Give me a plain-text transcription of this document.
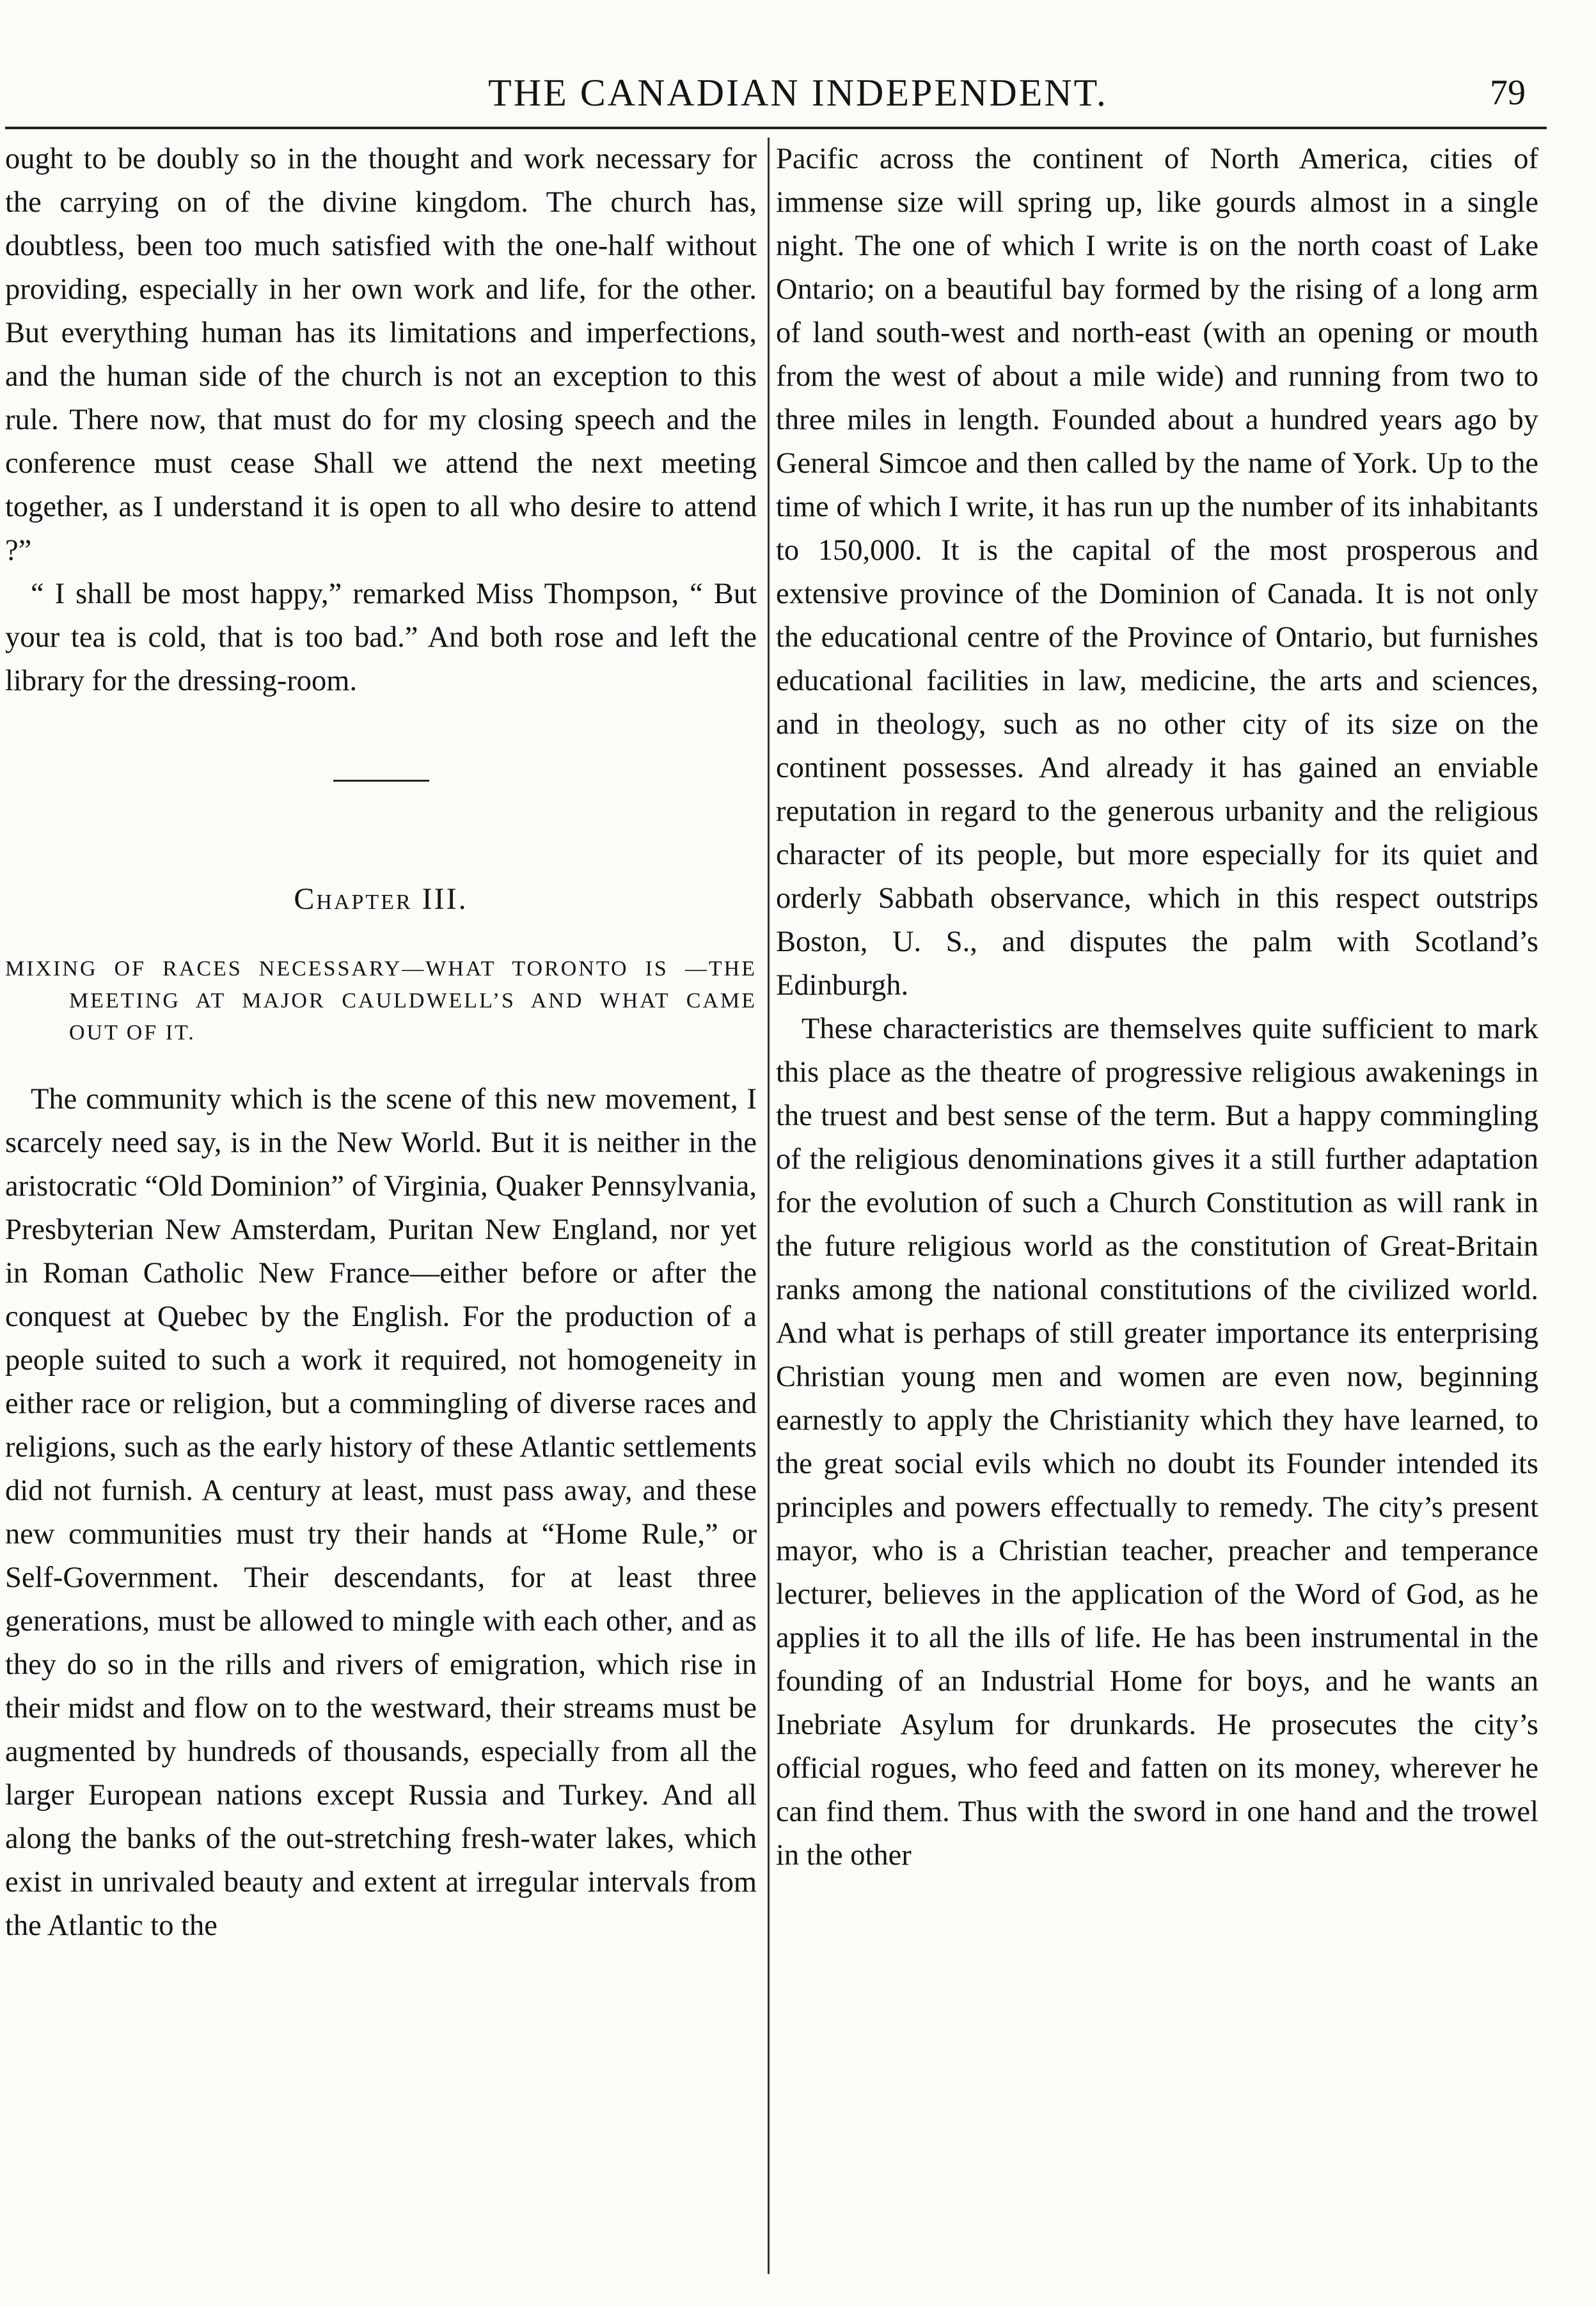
THE CANADIAN INDEPENDENT.	79

ought to be doubly so in the thought and work necessary for the carrying on of the divine kingdom. The church has, doubtless, been too much satisfied with the one-half without providing, especially in her own work and life, for the other. But everything human has its limitations and imperfections, and the human side of the church is not an exception to this rule. There now, that must do for my closing speech and the conference must cease Shall we attend the next meeting together, as I understand it is open to all who desire to attend ?”

“ I shall be most happy,” remarked Miss Thompson, “ But your tea is cold, that is too bad.” And both rose and left the library for the dressing-room.

Chapter III.
MIXING OF RACES NECESSARY—WHAT TORONTO IS —THE MEETING AT MAJOR CAULDWELL’S AND WHAT CAME OUT OF IT.

The community which is the scene of this new movement, I scarcely need say, is in the New World. But it is neither in the aristocratic “Old Dominion” of Virginia, Quaker Pennsylvania, Presbyterian New Amsterdam, Puritan New England, nor yet in Roman Catholic New France—either before or after the conquest at Quebec by the English. For the production of a people suited to such a work it required, not homogeneity in either race or religion, but a commingling of diverse races and religions, such as the early history of these Atlantic settlements did not furnish. A century at least, must pass away, and these new communities must try their hands at “Home Rule,” or Self-Government. Their descendants, for at least three generations, must be allowed to mingle with each other, and as they do so in the rills and rivers of emigration, which rise in their midst and flow on to the westward, their streams must be augmented by hundreds of thousands, especially from all the larger European nations except Russia and Turkey. And all along the banks of the out-stretching fresh-water lakes, which exist in unrivaled beauty and extent at irregular intervals from the Atlantic to the

Pacific across the continent of North America, cities of immense size will spring up, like gourds almost in a single night. The one of which I write is on the north coast of Lake Ontario; on a beautiful bay formed by the rising of a long arm of land south-west and north-east (with an opening or mouth from the west of about a mile wide) and running from two to three miles in length. Founded about a hundred years ago by General Simcoe and then called by the name of York. Up to the time of which I write, it has run up the number of its inhabitants to 150,000. It is the capital of the most prosperous and extensive province of the Dominion of Canada. It is not only the educational centre of the Province of Ontario, but furnishes educational facilities in law, medicine, the arts and sciences, and in theology, such as no other city of its size on the continent possesses. And already it has gained an enviable reputation in regard to the generous urbanity and the religious character of its people, but more especially for its quiet and orderly Sabbath observance, which in this respect outstrips Boston, U. S., and disputes the palm with Scotland’s Edinburgh.

These characteristics are themselves quite sufficient to mark this place as the theatre of progressive religious awakenings in the truest and best sense of the term. But a happy commingling of the religious denominations gives it a still further adaptation for the evolution of such a Church Constitution as will rank in the future religious world as the constitution of Great-Britain ranks among the national constitutions of the civilized world. And what is perhaps of still greater importance its enterprising Christian young men and women are even now, beginning earnestly to apply the Christianity which they have learned, to the great social evils which no doubt its Founder intended its principles and powers effectually to remedy. The city’s present mayor, who is a Christian teacher, preacher and temperance lecturer, believes in the application of the Word of God, as he applies it to all the ills of life. He has been instrumental in the founding of an Industrial Home for boys, and he wants an Inebriate Asylum for drunkards. He prosecutes the city’s official rogues, who feed and fatten on its money, wherever he can find them. Thus with the sword in one hand and the trowel in the other
